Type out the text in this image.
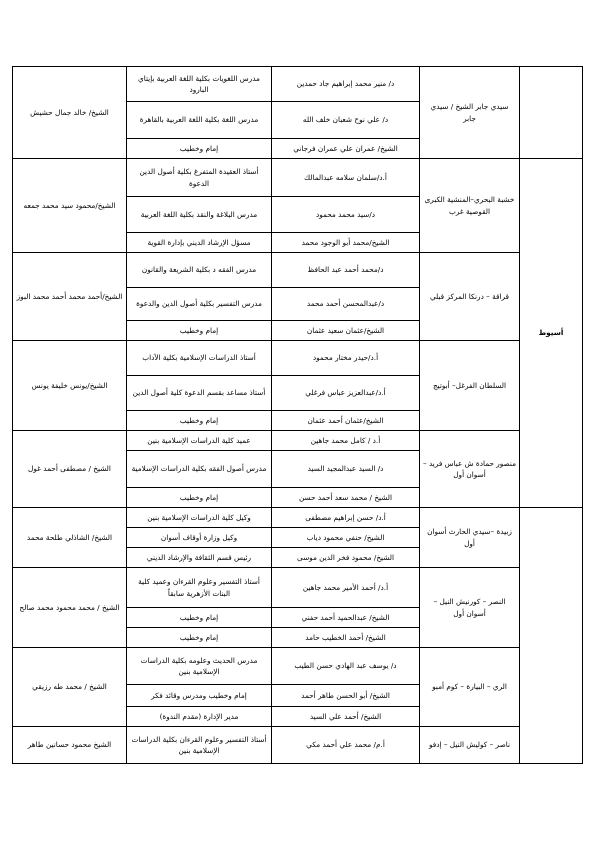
	سيدي جابر الشيخ / سيدي جابر	د/ منير محمد إبراهيم جاد حمدين	مدرس اللغويات بكلية اللغة العربية بإيتاي البارود	الشيخ/ خالد جمال حشيش
		د/ علي نوح شعبان خلف الله	مدرس اللغة بكلية اللغة العربية بالقاهرة	
		الشيخ/ عمران علي عمران فرجاني	إمام وخطيب	
أسيوط	خشبة البحري–المنشية الكبرى القوصية غرب	أ.د/سلمان سلامه عبدالمالك	أستاذ العقيدة المتفرغ بكلية أصول الدين الدعوة	الشيخ/محمود سيد محمد جمعه
		د/سيد محمد محمود	مدرس البلاغة والنقد بكلية اللغة العربية	
		الشيخ/محمد أبو الوجود محمد	مسؤل الإرشاد الديني بإدارة القوية	
	قراقة – درنكا المركز قبلي	د/محمد أحمد عبد الحافظ	مدرس الفقه د بكلية الشريعة والقانون	الشيخ/أحمد محمد أحمد محمد البوز
		د/عبدالمحسن أحمد محمد	مدرس التفسير بكلية أصول الدين والدعوة	
		الشيخ/عثمان سعيد عثمان	إمام وخطيب	
	السلطان الفرغل– أبوتيج	أ.د/حيدر مختار محمود	أستاذ الدراسات الإسلامية بكلية الآداب	الشيخ/يونس خليفة يونس
		أ.د/عبدالعزيز عباس فرغلي	أستاذ مساعد بقسم الدعوة كلية أصول الدين	
		الشيخ/عثمان أحمد عثمان	إمام وخطيب	
	منصور حمادة ش عباس فريد – أسوان أول	أ.د / كامل محمد جاهين	عميد كلية الدراسات الإسلامية بنين	الشيخ / مصطفى أحمد غول
		د/ السيد عبدالمجيد السيد	مدرس أصول الفقه بكلية الدراسات الإسلامية	
		الشيخ / محمد سعد أحمد حسن	إمام وخطيب	
	زبيدة –سيدي الحارث أسوان أول	أ.د/ حسن إبراهيم مصطفى	وكيل كلية الدراسات الإسلامية بنين	الشيخ/ الشاذلي طلحة محمد
		الشيخ/ حنفي محمود دياب	وكيل وزارة أوقاف أسوان	
		الشيخ/ محمود فخر الدين موسى	رئيس قسم الثقافة والإرشاد الديني	
	النصر – كورنيش النيل – أسوان أول	أ.د/ أحمد الأمير محمد جاهين	أستاذ التفسير وعلوم القرءان وعميد كلية البنات الأزهرية سابقاً	الشيخ / محمد محمود محمد صالح
		الشيخ/ عبدالحميد أحمد حفني	إمام وخطيب	
		الشيخ/ أحمد الخطيب حامد	إمام وخطيب	
	الري – البيارة – كوم أمبو	د/ يوسف عبد الهادي حسن الطيب	مدرس الحديث وعلومه بكلية الدراسات الإسلامية بنين	الشيخ / محمد طه رزيقي
		الشيخ/ أبو الحسن طاهر أحمد	إمام وخطيب ومدرس وقائد فكر	
		الشيخ/ أحمد علي السيد	مدير الإدارة (مقدم الندوة)	
	ناصر – كوليش النيل – إدفو	أ.م/ محمد علي أحمد مكي	أستاذ التفسير وعلوم القرءان بكلية الدراسات الإسلامية بنين	الشيخ محمود حسانين طاهر
